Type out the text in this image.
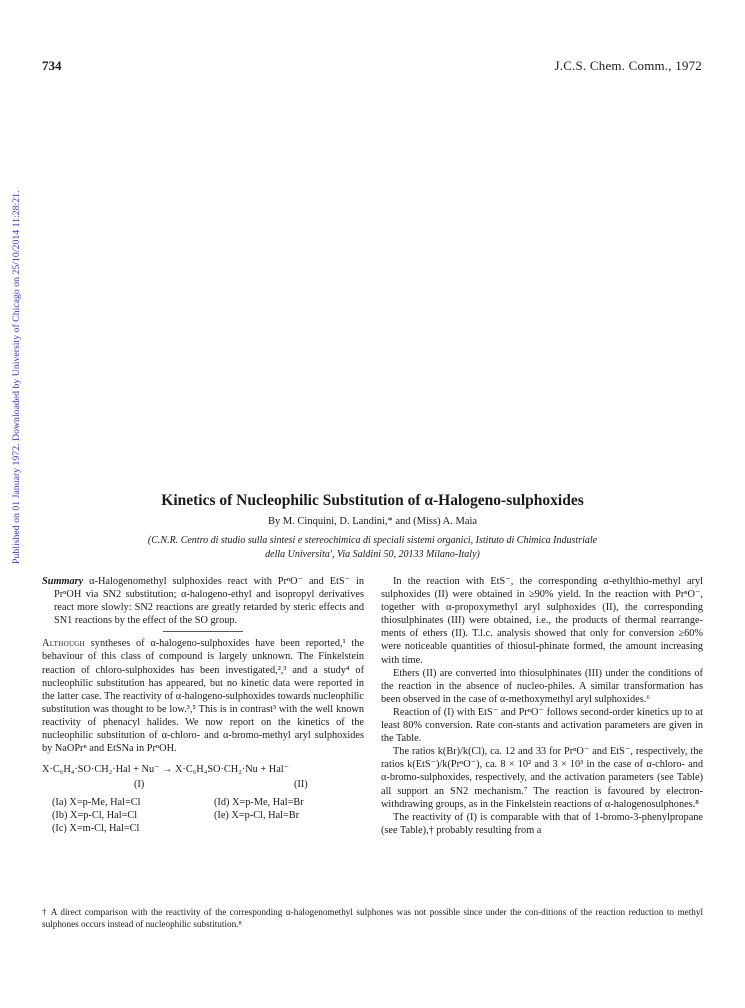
734	J.C.S. Chem. Comm., 1972
Published on 01 January 1972. Downloaded by University of Chicago on 25/10/2014 11:28:21.	Kinetics of Nucleophilic Substitution of α-Halogeno-sulphoxides
By M. Cinquini, D. Landini,* and (Miss) A. Maia
(C.N.R. Centro di studio sulla sintesi e stereochimica di speciali sistemi organici, Istituto di Chimica Industriale
della Universita', Via Saldini 50, 20133 Milano-Italy)

Summary α-Halogenomethyl sulphoxides react with PrⁿO⁻ and EtS⁻ in PrⁿOH via SN2 substitution; α-halogeno-ethyl and isopropyl derivatives react more slowly: SN2 reactions are greatly retarded by steric effects and SN1 reactions by the effect of the SO group.

Although syntheses of α-halogeno-sulphoxides have been reported,¹ the behaviour of this class of compound is largely unknown. The Finkelstein reaction of chloro-sulphoxides has been investigated,²,³ and a study⁴ of nucleophilic substitution has appeared, but no kinetic data were reported in the latter case. The reactivity of α-halogeno-sulphoxides towards nucleophilic substitution was thought to be low.³,⁵ This is in contrast³ with the well known reactivity of phenacyl halides. We now report on the kinetics of the nucleophilic substitution of α-chloro- and α-bromo-methyl aryl sulphoxides by NaOPrⁿ and EtSNa in PrⁿOH.

X·C₆H₄·SO·CH₂·Hal + Nu⁻ → X·C₆H₄SO·CH₂·Nu + Hal⁻
(I)	(II)
(Ia) X=p-Me, Hal=Cl
(Ib) X=p-Cl, Hal=Cl
(Ic) X=m-Cl, Hal=Cl
(Id) X=p-Me, Hal=Br
(Ie) X=p-Cl, Hal=Br

In the reaction with EtS⁻, the corresponding α-ethylthio-methyl aryl sulphoxides (II) were obtained in ≥90% yield. In the reaction with PrⁿO⁻, together with α-propoxymethyl aryl sulphoxides (II), the corresponding thiosulphinates (III) were obtained, i.e., the products of thermal rearrange-ments of ethers (II). T.l.c. analysis showed that only for conversion ≥60% were noticeable quantities of thiosul-phinate formed, the amount increasing with time.

Ethers (II) are converted into thiosulphinates (III) under the conditions of the reaction in the absence of nucleo-philes. A similar transformation has been observed in the case of α-methoxymethyl aryl sulphoxides.⁶

Reaction of (I) with EtS⁻ and PrⁿO⁻ follows second-order kinetics up to at least 80% conversion. Rate con-stants and activation parameters are given in the Table.

The ratios k(Br)/k(Cl), ca. 12 and 33 for PrⁿO⁻ and EtS⁻, respectively, the ratios k(EtS⁻)/k(PrⁿO⁻), ca. 8 × 10² and 3 × 10³ in the case of α-chloro- and α-bromo-sulphoxides, respectively, and the activation parameters (see Table) all support an SN2 mechanism.⁷ The reaction is favoured by electron-withdrawing groups, as in the Finkelstein reactions of α-halogenosulphones.⁸

The reactivity of (I) is comparable with that of 1-bromo-3-phenylpropane (see Table),† probably resulting from a

† A direct comparison with the reactivity of the corresponding α-halogenomethyl sulphones was not possible since under the con-ditions of the reaction reduction to methyl sulphones occurs instead of nucleophilic substitution.⁸
